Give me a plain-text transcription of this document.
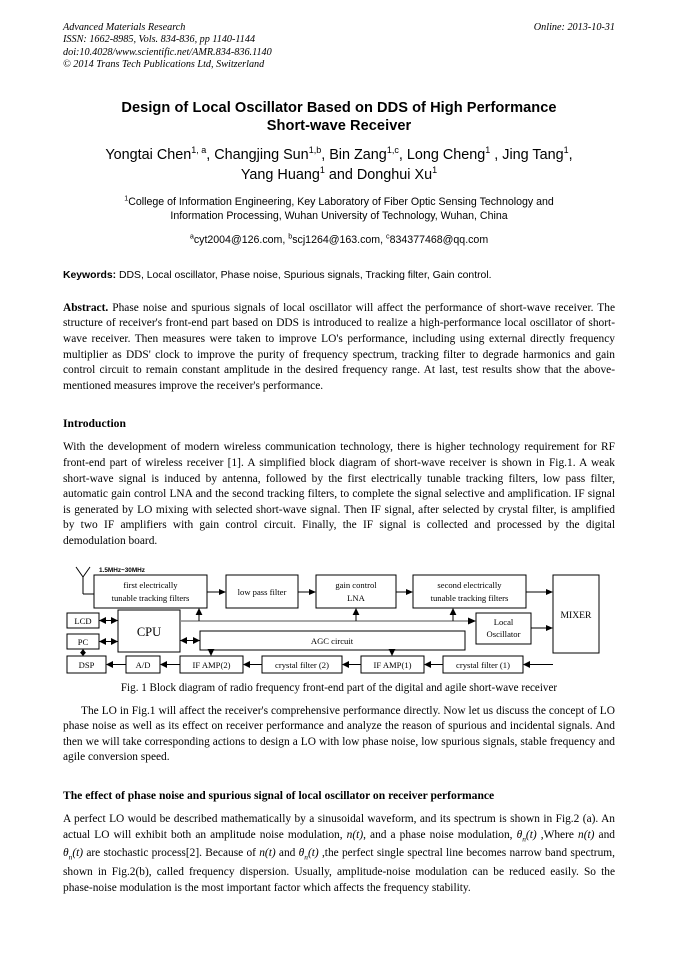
Advanced Materials Research
ISSN: 1662-8985, Vols. 834-836, pp 1140-1144
doi:10.4028/www.scientific.net/AMR.834-836.1140
© 2014 Trans Tech Publications Ltd, Switzerland
Online: 2013-10-31
Design of Local Oscillator Based on DDS of High Performance
Short-wave Receiver
Yongtai Chen$^{1, a}$, Changjing Sun$^{1,b}$, Bin Zang$^{1,c}$, Long Cheng$^1$ , Jing Tang$^1$,
Yang Huang$^1$ and Donghui Xu$^1$
$^1$College of Information Engineering, Key Laboratory of Fiber Optic Sensing Technology and Information Processing, Wuhan University of Technology, Wuhan, China
$^a$cyt2004@126.com, $^b$scj1264@163.com, $^c$834377468@qq.com
Keywords: DDS, Local oscillator, Phase noise, Spurious signals, Tracking filter, Gain control.
Abstract. Phase noise and spurious signals of local oscillator will affect the performance of short-wave receiver. The structure of receiver's front-end part based on DDS is introduced to realize a high-performance local oscillator of short-wave receiver. Then measures were taken to improve LO's performance, including using external directly frequency multiplier as DDS' clock to improve the purity of frequency spectrum, tracking filter to degrade harmonics and gain control circuit to remain constant amplitude in the desired frequency range. At last, test results show that the above-mentioned measures improve the receiver's performance.
Introduction
With the development of modern wireless communication technology, there is higher technology requirement for RF front-end part of wireless receiver [1]. A simplified block diagram of short-wave receiver is shown in Fig.1. A weak short-wave signal is induced by antenna, followed by the first electrically tunable tracking filters, low pass filter, automatic gain control LNA and the second tracking filters, to complete the signal selective and amplification. IF signal is generated by LO mixing with selected short-wave signal. Then IF signal, after selected by crystal filter, is amplified by two IF amplifiers with gain control circuit. Finally, the IF signal is collected and processed by the digital demodulation board.
1.5MHz~30MHz
first electrically
tunable tracking filters
low pass filter
gain control
LNA
second electrically
tunable tracking filters
MIXER
Local
Oscillator
LCD
PC
CPU
AGC circuit
DSP	A/D	IF AMP(2)	crystal filter (2)	IF AMP(1)	crystal filter (1)
Fig. 1 Block diagram of radio frequency front-end part of the digital and agile short-wave receiver
The LO in Fig.1 will affect the receiver's comprehensive performance directly. Now let us discuss the concept of LO phase noise as well as its effect on receiver performance and analyze the reason of spurious and incidental signals. And then we will take corresponding actions to design a LO with low phase noise, low spurious signals, stable frequency and agile conversion speed.
The effect of phase noise and spurious signal of local oscillator on receiver performance
A perfect LO would be described mathematically by a sinusoidal waveform, and its spectrum is shown in Fig.2 (a). An actual LO will exhibit both an amplitude noise modulation, n(t), and a phase noise modulation, $\theta_n(t)$ ,Where n(t) and $\theta_n(t)$ are stochastic process[2]. Because of n(t) and $\theta_n(t)$ ,the perfect single spectral line becomes narrow band spectrum, shown in Fig.2(b), called frequency dispersion. Usually, amplitude-noise modulation can be reduced easily. So the phase-noise modulation is the most important factor which affects the frequency stability.
